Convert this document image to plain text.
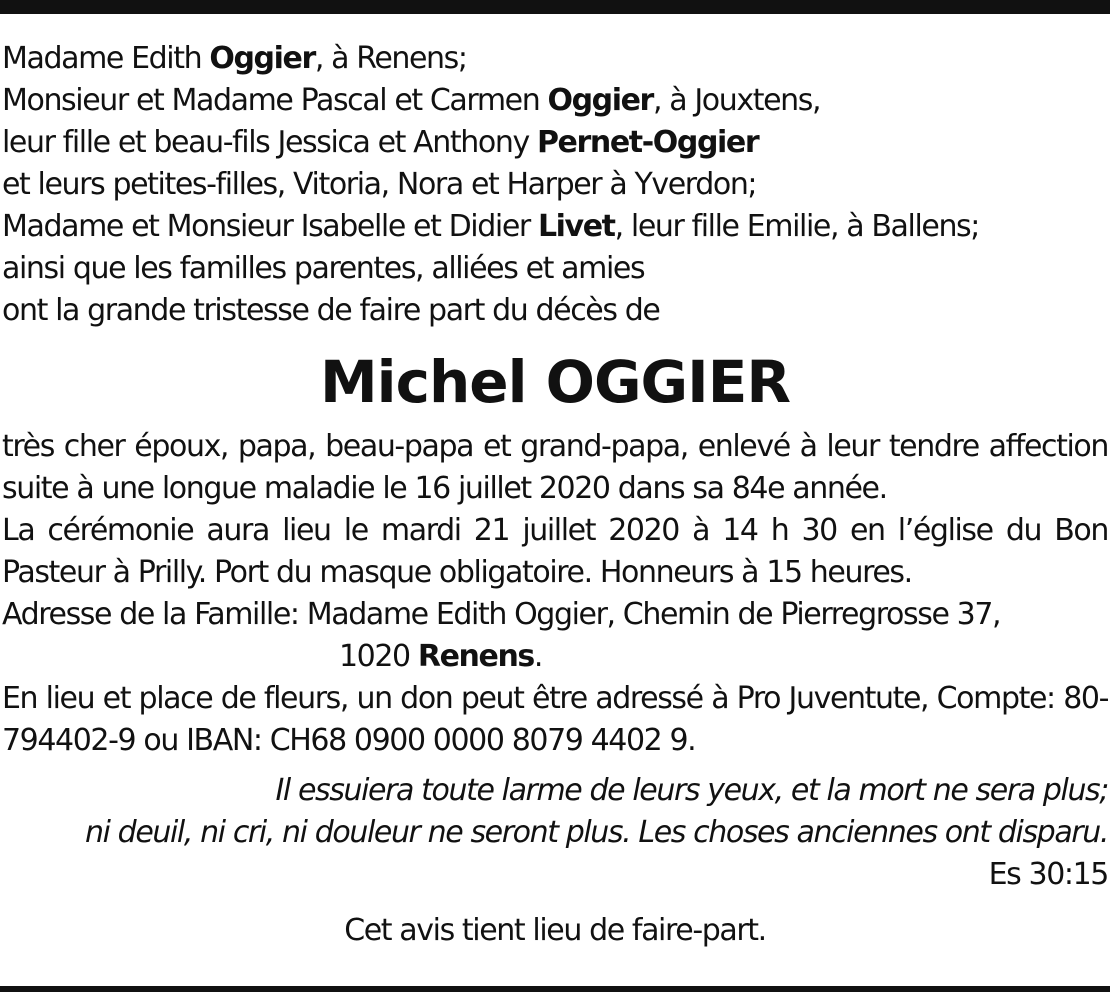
Madame Edith Oggier, à Renens;
Monsieur et Madame Pascal et Carmen Oggier, à Jouxtens,
leur fille et beau-fils Jessica et Anthony Pernet-Oggier
et leurs petites-filles, Vitoria, Nora et Harper à Yverdon;
Madame et Monsieur Isabelle et Didier Livet, leur fille Emilie, à Ballens;
ainsi que les familles parentes, alliées et amies
ont la grande tristesse de faire part du décès de
Michel OGGIER
très cher époux, papa, beau-papa et grand-papa, enlevé à leur tendre affection suite à une longue maladie le 16 juillet 2020 dans sa 84e année.
La cérémonie aura lieu le mardi 21 juillet 2020 à 14 h 30 en l’église du Bon Pasteur à Prilly. Port du masque obligatoire. Honneurs à 15 heures.
Adresse de la Famille: Madame Edith Oggier, Chemin de Pierregrosse 37,
1020 Renens.
En lieu et place de fleurs, un don peut être adressé à Pro Juventute, Compte: 80-794402-9 ou IBAN: CH68 0900 0000 8079 4402 9.
Il essuiera toute larme de leurs yeux, et la mort ne sera plus;
ni deuil, ni cri, ni douleur ne seront plus. Les choses anciennes ont disparu.
Es 30:15
Cet avis tient lieu de faire-part.
